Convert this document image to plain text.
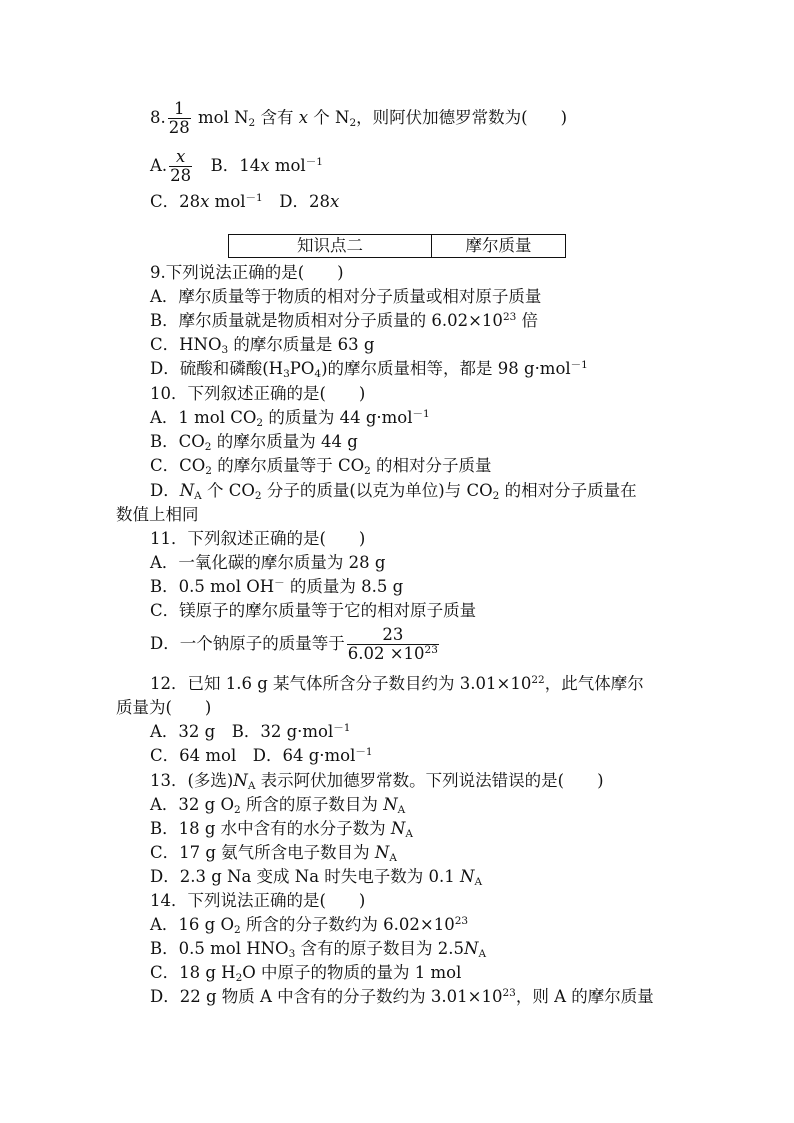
8. $\frac{1}{28}$ mol $N_2$ 含有 x 个 $N_2$，则阿伏加德罗常数为(　　)
A. $\frac{x}{28}$ 　B．14x mol$^{-1}$
C．28x mol$^{-1}$　D．28x
知识点二	摩尔质量
9.下列说法正确的是(　　)
A．摩尔质量等于物质的相对分子质量或相对原子质量
B．摩尔质量就是物质相对分子质量的 $6.02\times 10^{23}$ 倍
C．$HNO_3$ 的摩尔质量是 63 g
D．硫酸和磷酸$(H_3PO_4)$的摩尔质量相等，都是 98 g·mol$^{-1}$
10．下列叙述正确的是(　　)
A．1 mol $CO_2$ 的质量为 44 g·mol$^{-1}$
B．$CO_2$ 的摩尔质量为 44 g
C．$CO_2$ 的摩尔质量等于 $CO_2$ 的相对分子质量
D．$N_A$ 个 $CO_2$ 分子的质量(以克为单位)与 $CO_2$ 的相对分子质量在
数值上相同
11．下列叙述正确的是(　　)
A．一氧化碳的摩尔质量为 28 g
B．0.5 mol OH－ 的质量为 8.5 g
C．镁原子的摩尔质量等于它的相对原子质量
D．一个钠原子的质量等于 $\frac{23}{6.02 \times 10^{23}}$
12．已知 1.6 g 某气体所含分子数目约为 $3.01\times 10^{22}$，此气体摩尔
质量为(　　)
A．32 g　B．32 g·mol$^{-1}$
C．64 mol　D．64 g·mol$^{-1}$
13．(多选)$N_A$ 表示阿伏加德罗常数。下列说法错误的是(　　)
A．32 g $O_2$ 所含的原子数目为 $N_A$
B．18 g 水中含有的水分子数为 $N_A$
C．17 g 氨气所含电子数目为 $N_A$
D．2.3 g Na 变成 Na 时失电子数为 0.1 $N_A$
14．下列说法正确的是(　　)
A．16 g $O_2$ 所含的分子数约为 $6.02\times 10^{23}$
B．0.5 mol $HNO_3$ 含有的原子数目为 $2.5N_A$
C．18 g $H_2O$ 中原子的物质的量为 1 mol
D．22 g 物质 A 中含有的分子数约为 $3.01\times 10^{23}$，则 A 的摩尔质量
